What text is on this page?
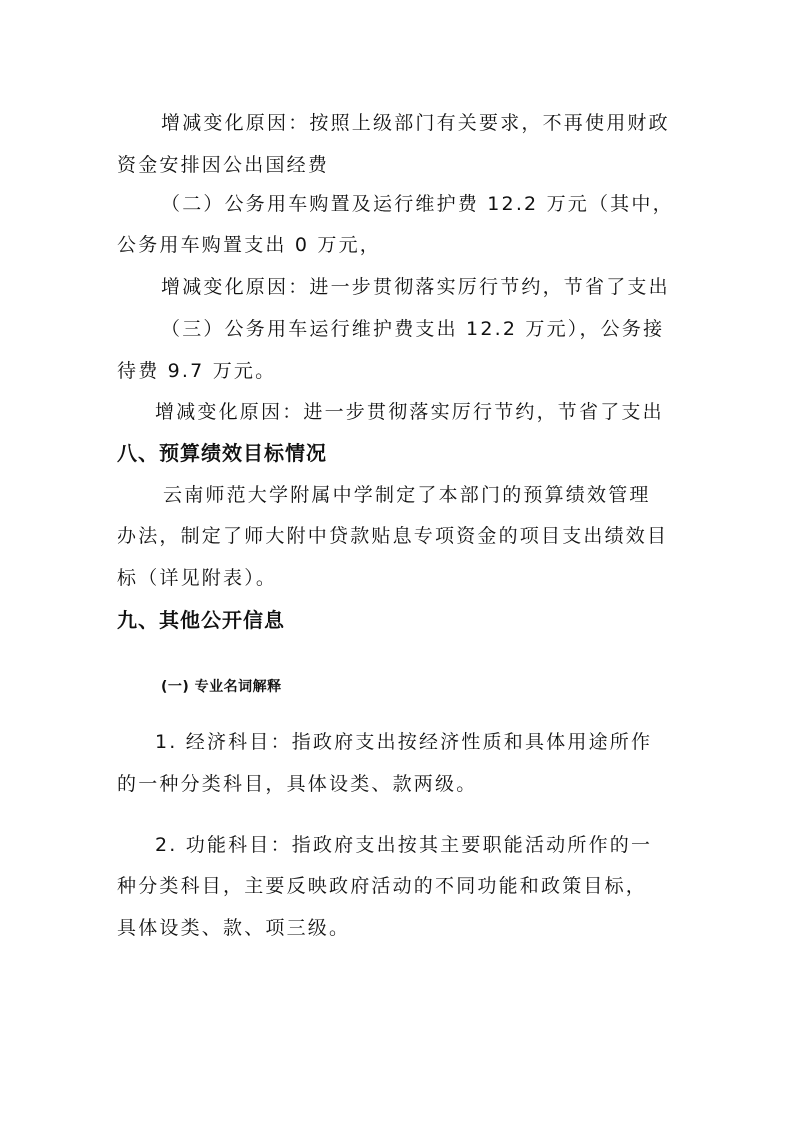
增减变化原因：按照上级部门有关要求，不再使用财政
资金安排因公出国经费
（二）公务用车购置及运行维护费 12.2 万元（其中，
公务用车购置支出 0 万元，
增减变化原因：进一步贯彻落实厉行节约，节省了支出
（三）公务用车运行维护费支出 12.2 万元），公务接
待费 9.7 万元。
增减变化原因：进一步贯彻落实厉行节约，节省了支出
八、预算绩效目标情况
云南师范大学附属中学制定了本部门的预算绩效管理
办法，制定了师大附中贷款贴息专项资金的项目支出绩效目
标（详见附表）。
九、其他公开信息
(一) 专业名词解释
1. 经济科目：指政府支出按经济性质和具体用途所作
的一种分类科目，具体设类、款两级。
2. 功能科目：指政府支出按其主要职能活动所作的一
种分类科目，主要反映政府活动的不同功能和政策目标，
具体设类、款、项三级。
